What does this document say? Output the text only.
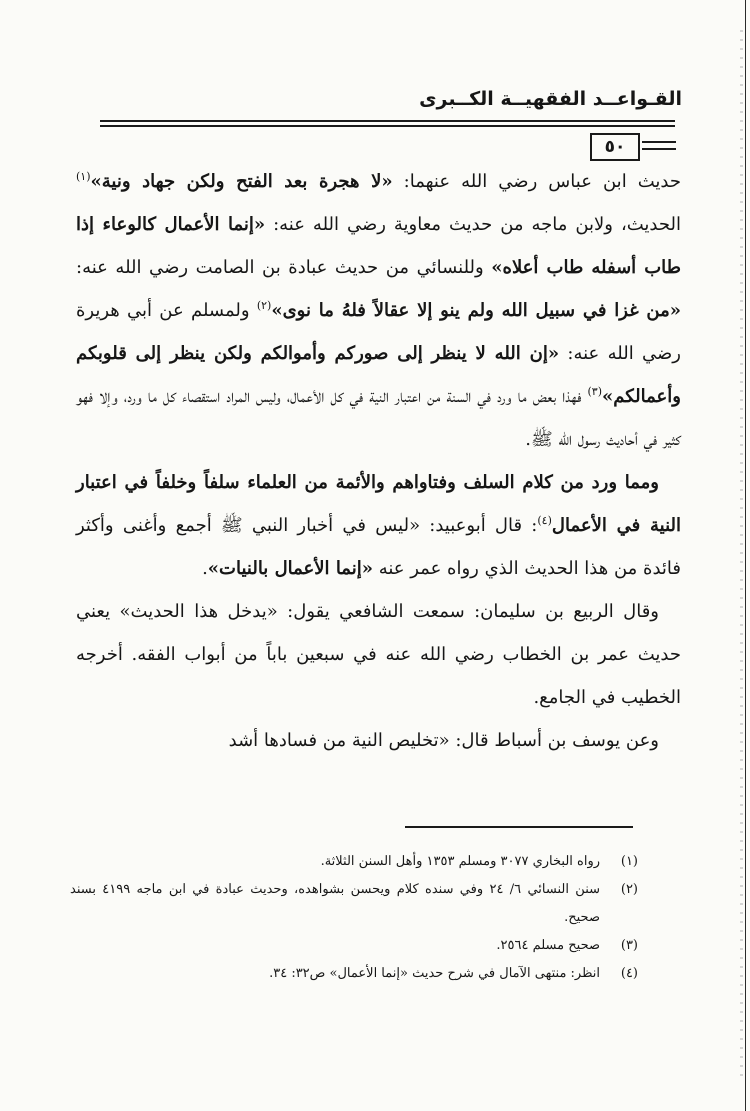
القـواعــد الفقهيــة الكــبرى
٥٠

حديث ابن عباس رضي الله عنهما: «لا هجرة بعد الفتح ولكن جهاد ونية»$^{(١)}$ الحديث، ولابن ماجه من حديث معاوية رضي الله عنه: «إنما الأعمال كالوعاء إذا طاب أسفله طاب أعلاه» وللنسائي من حديث عبادة بن الصامت رضي الله عنه: «من غزا في سبيل الله ولم ينو إلا عقالاً فلهُ ما نوى»$^{(٢)}$ ولمسلم عن أبي هريرة رضي الله عنه: «إن الله لا ينظر إلى صوركم وأموالكم ولكن ينظر إلى قلوبكم وأعمالكم»$^{(٣)}$ فهذا بعض ما ورد في السنة من اعتبار النية في كل الأعمال، وليس المراد استقصاء كل ما ورد، وإلا فهو كثير في أحاديث رسول الله ﷺ.

ومما ورد من كلام السلف وفتاواهم والأئمة من العلماء سلفاً وخلفاً في اعتبار النية في الأعمال$^{(٤)}$: قال أبوعبيد: «ليس في أخبار النبي ﷺ أجمع وأغنى وأكثر فائدة من هذا الحديث الذي رواه عمر عنه «إنما الأعمال بالنيات».

وقال الربيع بن سليمان: سمعت الشافعي يقول: «يدخل هذا الحديث» يعني حديث عمر بن الخطاب رضي الله عنه في سبعين باباً من أبواب الفقه. أخرجه الخطيب في الجامع.

وعن يوسف بن أسباط قال: «تخليص النية من فسادها أشد

(١)
رواه البخاري ٣٠٧٧ ومسلم ١٣٥٣ وأهل السنن الثلاثة.
(٢)
سنن النسائي ٦/ ٢٤ وفي سنده كلام ويحسن بشواهده، وحديث عبادة في ابن ماجه ٤١٩٩ بسند صحيح.
(٣)
صحيح مسلم ٢٥٦٤.
(٤)
انظر: منتهى الآمال في شرح حديث «إنما الأعمال» ص٣٢: ٣٤.
